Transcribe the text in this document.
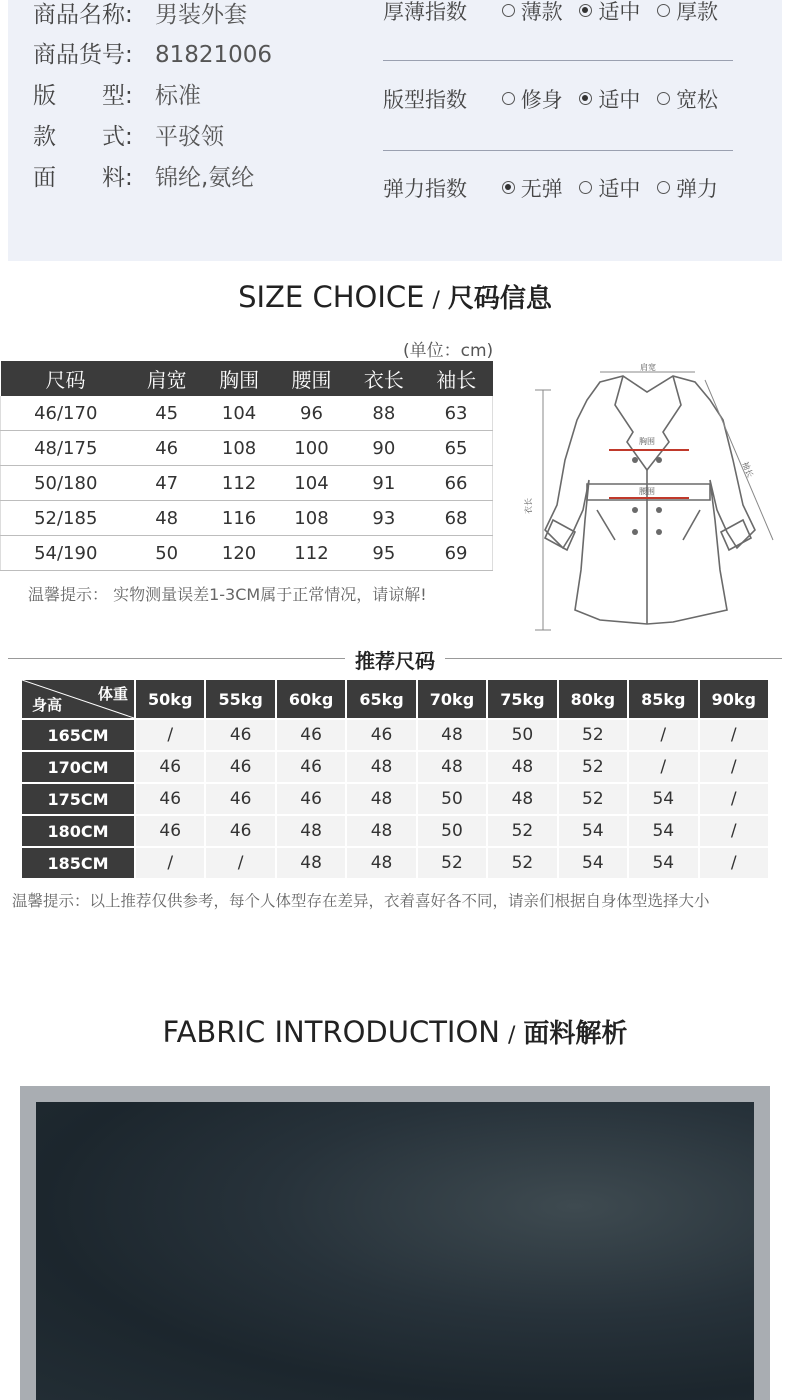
商品名称: 男装外套
商品货号: 81821006
版　　型: 标准
款　　式: 平驳领
面　　料: 锦纶,氨纶
厚薄指数	薄款 适中 厚款
版型指数	修身 适中 宽松
弹力指数	无弹 适中 弹力
SIZE CHOICE / 尺码信息
(单位：cm)
尺码	肩宽	胸围	腰围	衣长	袖长
46/170	45	104	96	88	63
48/175	46	108	100	90	65
50/180	47	112	104	91	66
52/185	48	116	108	93	68
54/190	50	120	112	95	69
温馨提示： 实物测量误差1-3CM属于正常情况，请谅解!
肩宽
胸围
腰围
衣长
袖长
推荐尺码
体重
身高	50kg	55kg	60kg	65kg	70kg	75kg	80kg	85kg	90kg
165CM	/	46	46	46	48	50	52	/	/
170CM	46	46	46	48	48	48	52	/	/
175CM	46	46	46	48	50	48	52	54	/
180CM	46	46	48	48	50	52	54	54	/
185CM	/	/	48	48	52	52	54	54	/
温馨提示：以上推荐仅供参考，每个人体型存在差异，衣着喜好各不同，请亲们根据自身体型选择大小
FABRIC INTRODUCTION / 面料解析
